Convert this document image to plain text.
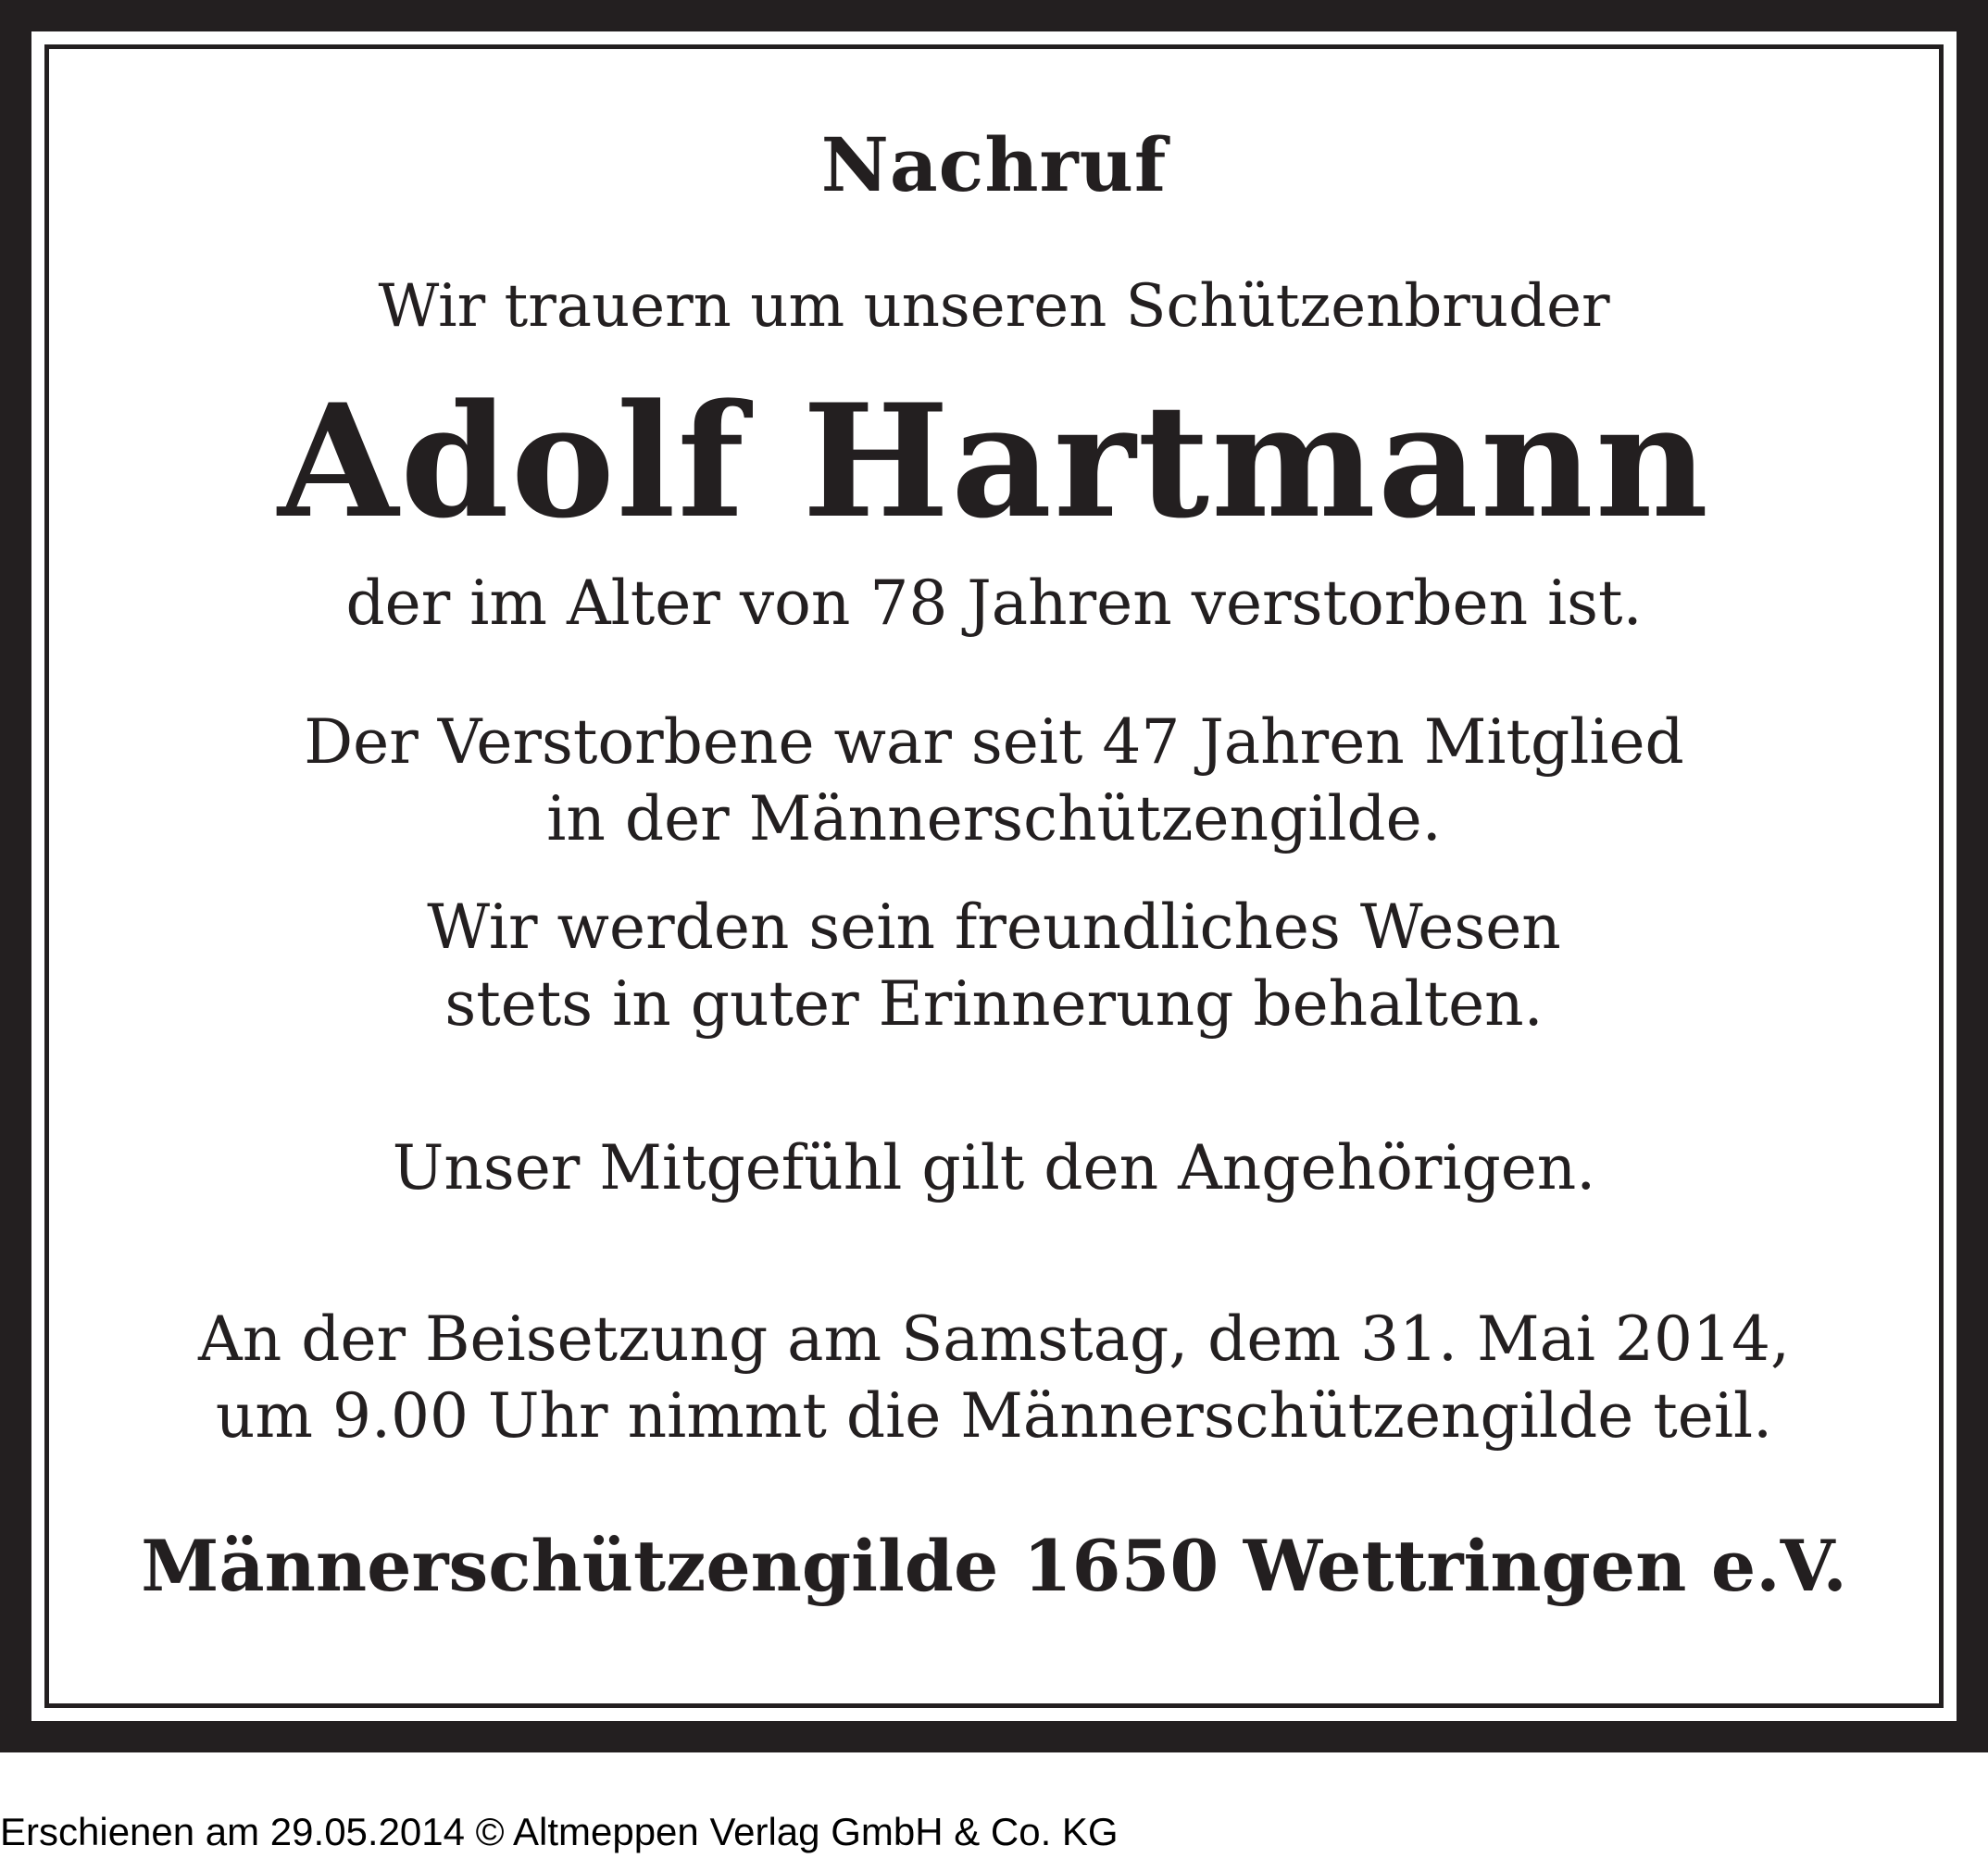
Nachruf
Wir trauern um unseren Schützenbruder
Adolf Hartmann
der im Alter von 78 Jahren verstorben ist.
Der Verstorbene war seit 47 Jahren Mitglied
in der Männerschützengilde.
Wir werden sein freundliches Wesen
stets in guter Erinnerung behalten.
Unser Mitgefühl gilt den Angehörigen.
An der Beisetzung am Samstag, dem 31. Mai 2014,
um 9.00 Uhr nimmt die Männerschützengilde teil.
Männerschützengilde 1650 Wettringen e.V.
Erschienen am 29.05.2014 © Altmeppen Verlag GmbH & Co. KG
